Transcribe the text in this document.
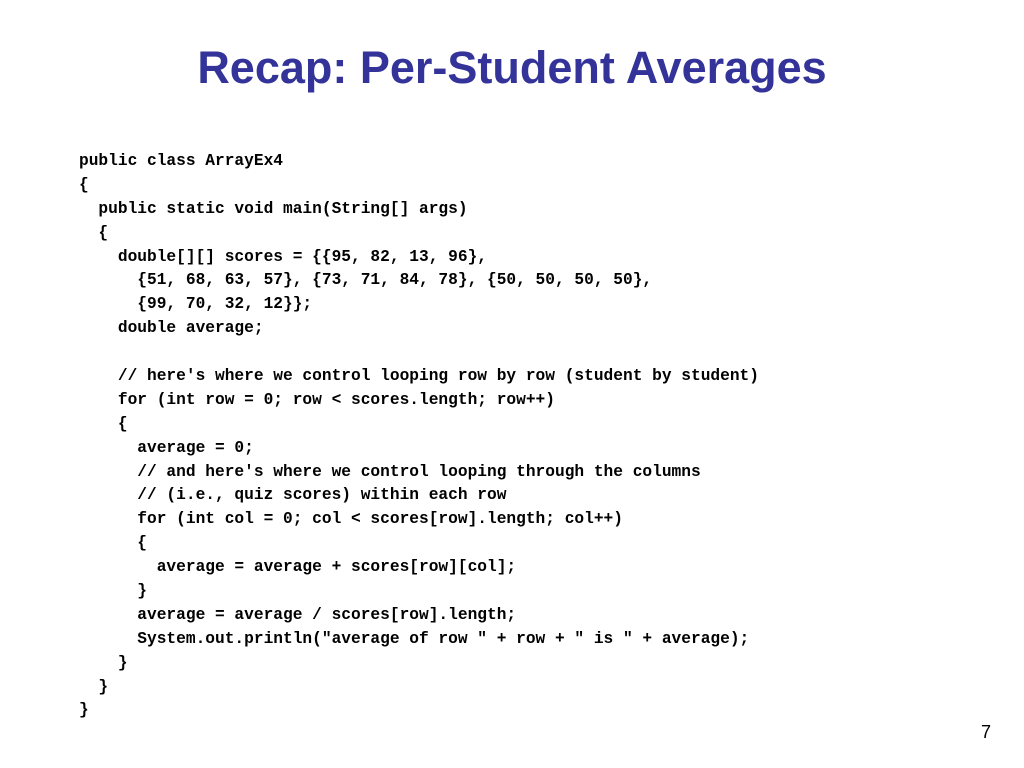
Recap: Per-Student Averages
public class ArrayEx4
{
public static void main(String[] args)
{
double[][] scores = {{95, 82, 13, 96},
{51, 68, 63, 57}, {73, 71, 84, 78}, {50, 50, 50, 50},
{99, 70, 32, 12}};
double average;
// here's where we control looping row by row (student by student)
for (int row = 0; row < scores.length; row++)
{
average = 0;
// and here's where we control looping through the columns
// (i.e., quiz scores) within each row
for (int col = 0; col < scores[row].length; col++)
{
average = average + scores[row][col];
}
average = average / scores[row].length;
System.out.println("average of row " + row + " is " + average);
}
}
}
7
